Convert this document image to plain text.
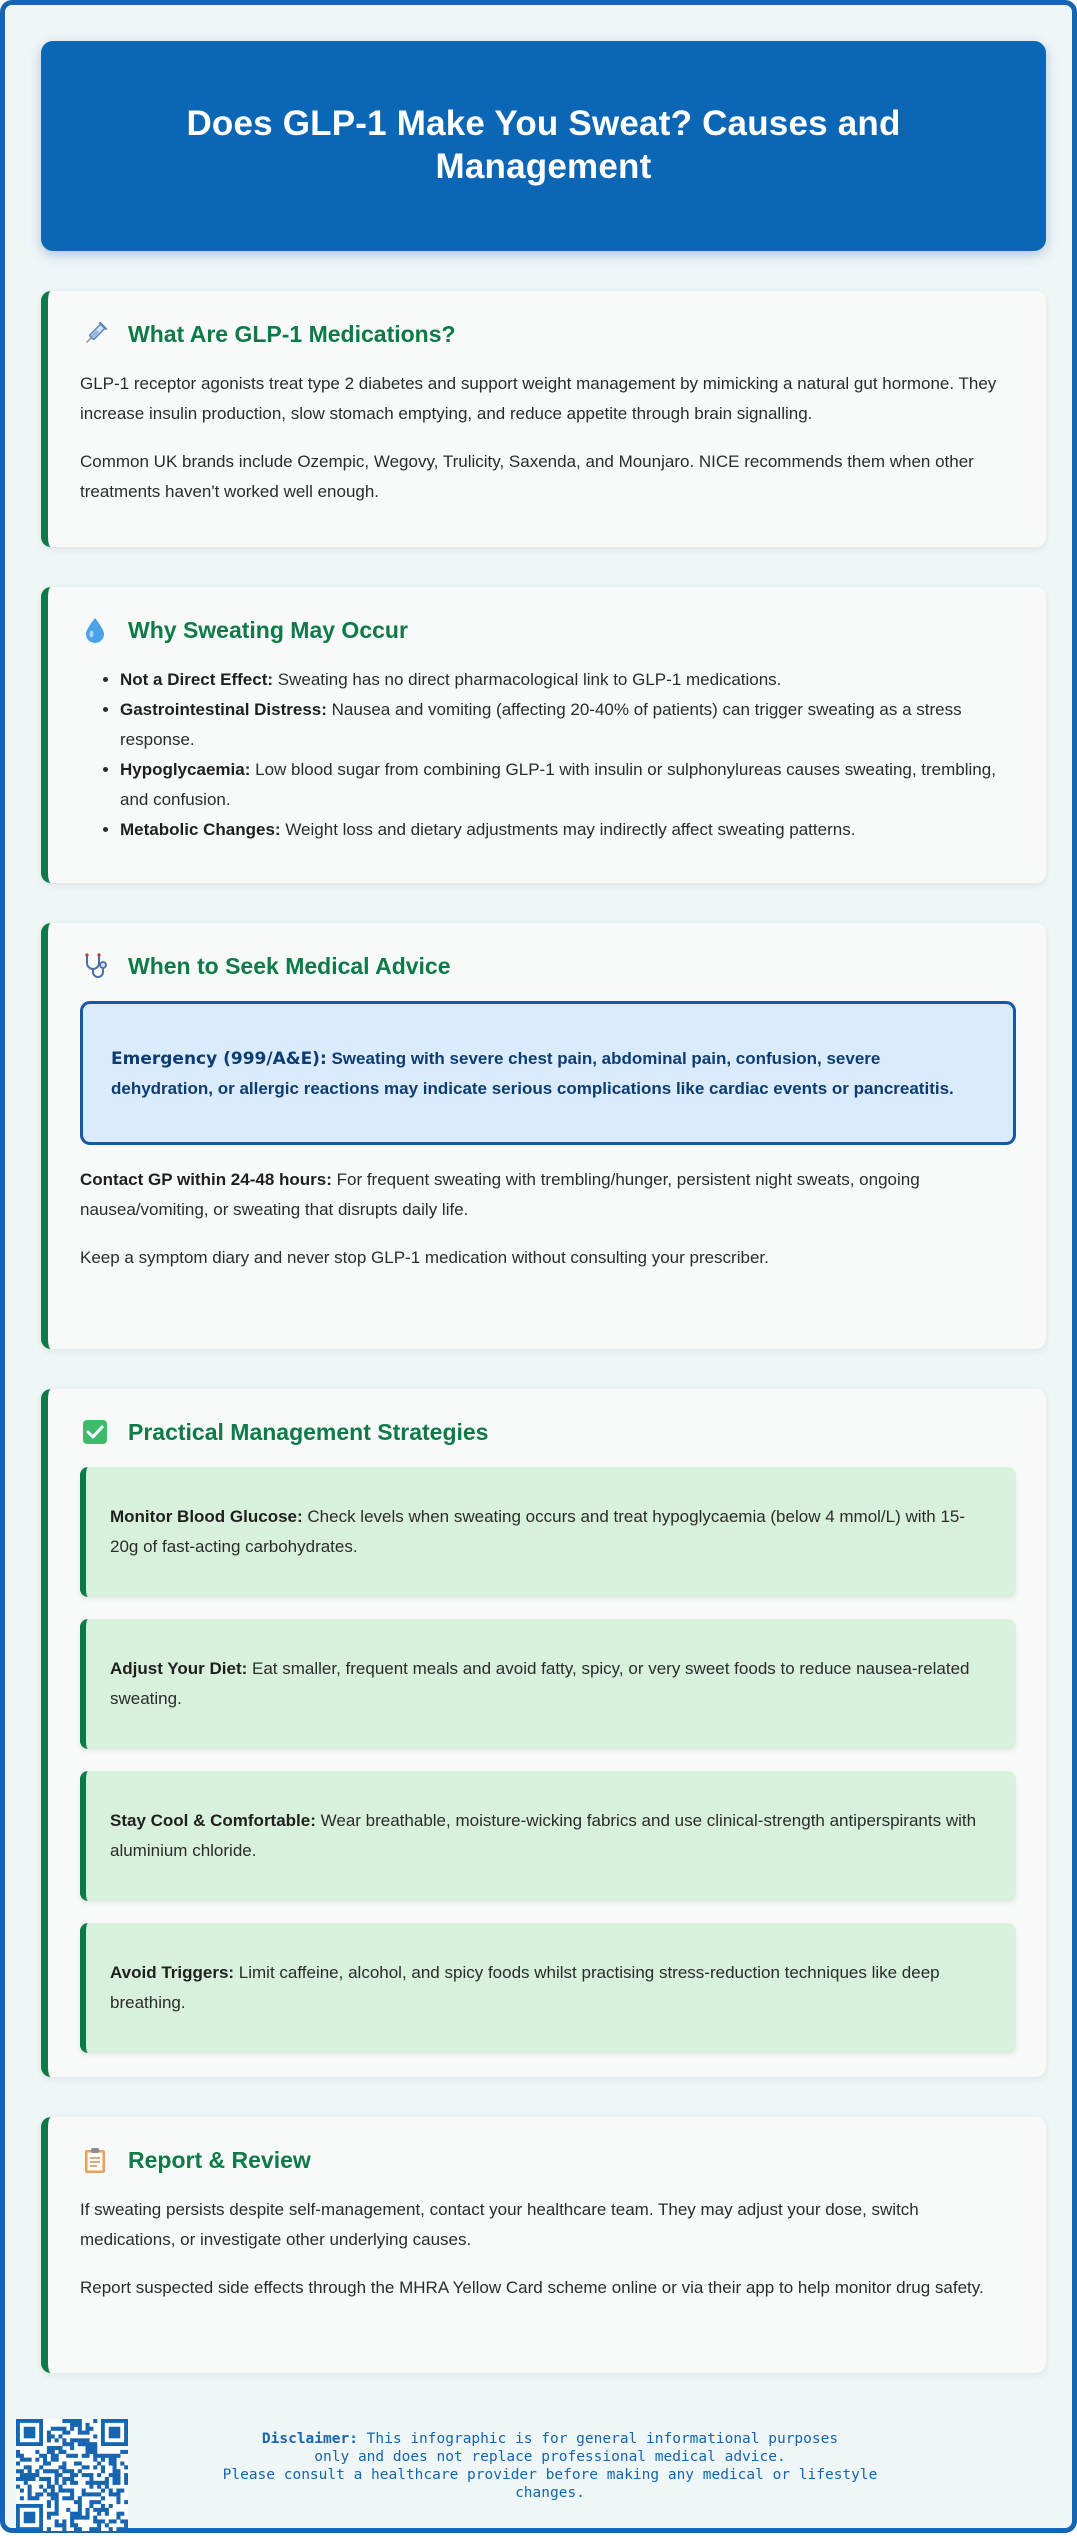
Does GLP-1 Make You Sweat? Causes and Management
What Are GLP-1 Medications?

GLP-1 receptor agonists treat type 2 diabetes and support weight management by mimicking a natural gut hormone. They increase insulin production, slow stomach emptying, and reduce appetite through brain signalling.

Common UK brands include Ozempic, Wegovy, Trulicity, Saxenda, and Mounjaro. NICE recommends them when other treatments haven't worked well enough.

Why Sweating May Occur
• Not a Direct Effect: Sweating has no direct pharmacological link to GLP-1 medications.
• Gastrointestinal Distress: Nausea and vomiting (affecting 20-40% of patients) can trigger sweating as a stress response.
• Hypoglycaemia: Low blood sugar from combining GLP-1 with insulin or sulphonylureas causes sweating, trembling, and confusion.
• Metabolic Changes: Weight loss and dietary adjustments may indirectly affect sweating patterns.
When to Seek Medical Advice

Emergency (999/A&E): Sweating with severe chest pain, abdominal pain, confusion, severe dehydration, or allergic reactions may indicate serious complications like cardiac events or pancreatitis.

Contact GP within 24-48 hours: For frequent sweating with trembling/hunger, persistent night sweats, ongoing nausea/vomiting, or sweating that disrupts daily life.

Keep a symptom diary and never stop GLP-1 medication without consulting your prescriber.

Practical Management Strategies

Monitor Blood Glucose: Check levels when sweating occurs and treat hypoglycaemia (below 4 mmol/L) with 15-20g of fast-acting carbohydrates.

Adjust Your Diet: Eat smaller, frequent meals and avoid fatty, spicy, or very sweet foods to reduce nausea-related sweating.

Stay Cool & Comfortable: Wear breathable, moisture-wicking fabrics and use clinical-strength antiperspirants with aluminium chloride.

Avoid Triggers: Limit caffeine, alcohol, and spicy foods whilst practising stress-reduction techniques like deep breathing.

Report & Review

If sweating persists despite self-management, contact your healthcare team. They may adjust your dose, switch medications, or investigate other underlying causes.

Report suspected side effects through the MHRA Yellow Card scheme online or via their app to help monitor drug safety.

Disclaimer: This infographic is for general informational purposes
only and does not replace professional medical advice.
Please consult a healthcare provider before making any medical or lifestyle changes.
